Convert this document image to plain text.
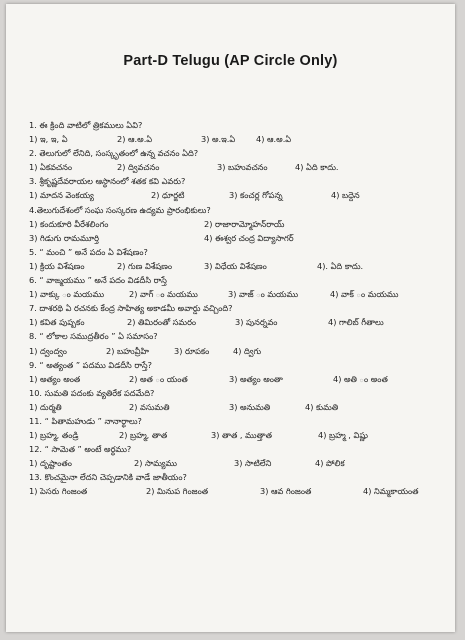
Part-D Telugu (AP Circle Only)
1. ఈ క్రింది వాటిలో త్రికములు ఏవి?
1) ఇ, ఇ, ఏ	2) ఆ.అ.ఏ	3) అ.ఇ.ఏ	4) ఆ.అ.ఏ
2. తెలుగులో లేనిది, సంస్కృతంలో ఉన్న వచనం ఏది?
1) ఏకవచనం	2) ద్వివచనం	3) బహువచనం	4) ఏది కాదు.
3. శ్రీకృష్ణదేవరాయల ఆస్థానంలో శతక కవి ఎవరు?
1) మాదన వెంకయ్య	2) ధూర్జటి	3) కంచర్ల గోపన్న	4) బద్దెన
4.తెలుగుదేశంలో సంఘ సంస్కరణ ఉద్యమ ప్రారంభికులు?
1) కందుకూరి వీరేశలింగం	2) రాజారామ్మోహన్‌రాయ్
3) గిడుగు రామమూర్తి	4) ఈశ్వర చంద్ర విద్యాసాగర్
5. “ మంచి ” అనే పదం ఏ విశేషణం?
1) క్రియ విశేషణం	2) గుణ విశేషణం	3) విధేయ విశేషణం	4). ఏది కాదు.
6. “ వాఙ్మయము ” అనే పదం విడదీసి రాస్తే
1) వాక్కు ం మయము	2) వాగ్ ం మయము	3) వాజ్ ం మయము	4) వాక్ ం మయము
7. దాశరథి ఏ రచనకు కేంద్ర సాహిత్య అకాడమీ అవార్డు వచ్చింది?
1) కవిత పుష్పకం	2) తిమిరంతో సమరం	3) పునర్నవం	4) గాలిబ్ గీతాలు
8. “ లోకాల సముద్రతీరం ” ఏ సమాసం?
1) ద్వంద్వం	2) బహువ్రీహి	3) రూపకం	4) ద్విగు
9. “ అత్యంత ” పదము విడదీసి రాస్తే?
1) అత్యం అంత	2) అత ం యంత	3) అత్యం అంతా	4) అతి ం అంత
10. సుమతి పదంకు వ్యతిరేక పదమేది?
1) దుర్మతి	2) వసుమతి	3) అనుమతి	4) కుమతి
11. “ పితామహుడు ” నానార్థాలు?
1) బ్రహ్మ, తండ్రి	2) బ్రహ్మ, తాత	3) తాత , ముత్తాత	4) బ్రహ్మ , విష్ణు
12. “ సామెత ” అంటే అర్థము?
1) దృష్టాంతం	2) సామ్యము	3) సాటిలేని	4) పోలిక
13. కొంచమైనా లేదని చెప్పడానికి వాడే జాతీయం?
1) పెసరు గింజంత	2) మినుప గింజంత	3) ఆవ గింజంత	4) నిమ్మకాయంత
